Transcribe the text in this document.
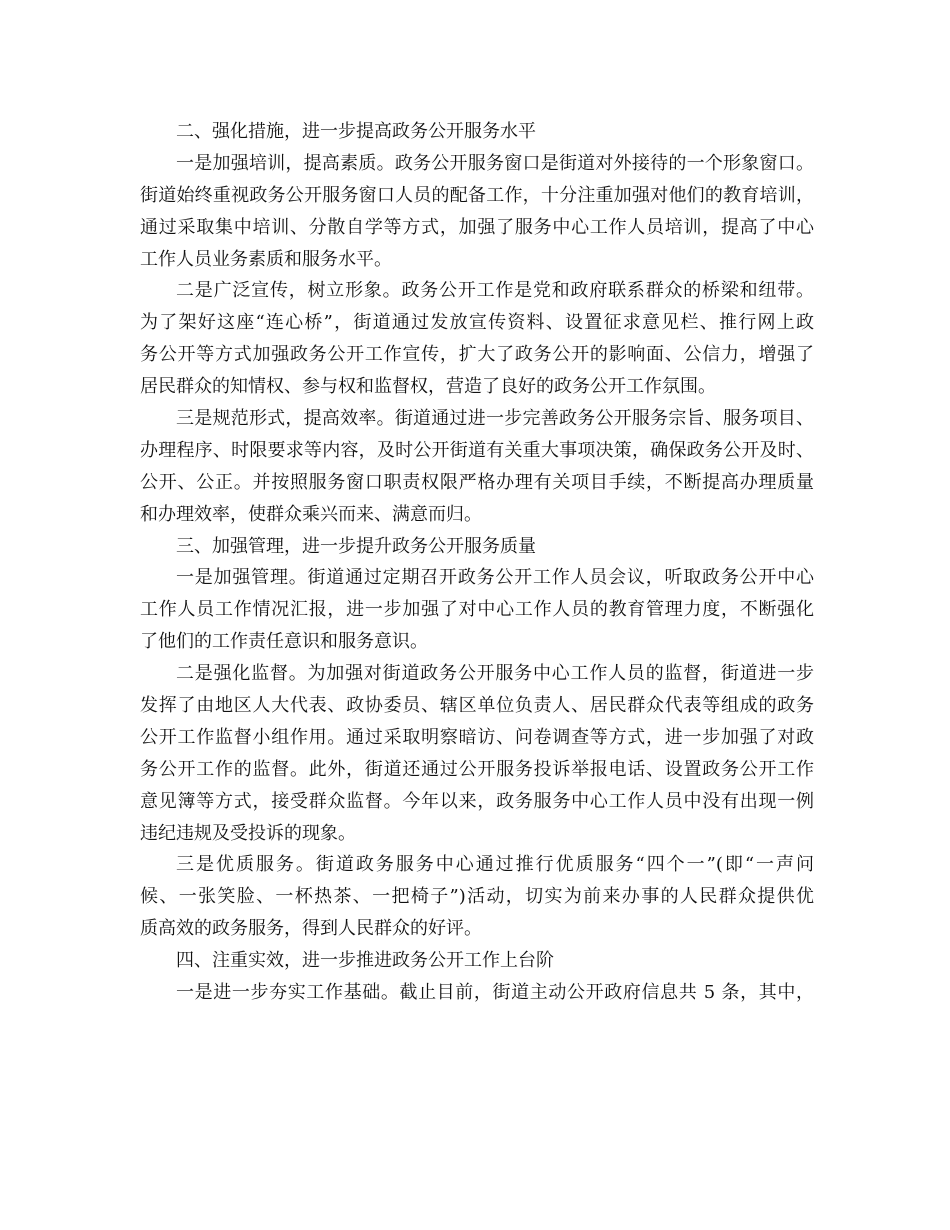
二、强化措施，进一步提高政务公开服务水平
一是加强培训，提高素质。政务公开服务窗口是街道对外接待的一个形象窗口。
街道始终重视政务公开服务窗口人员的配备工作，十分注重加强对他们的教育培训，
通过采取集中培训、分散自学等方式，加强了服务中心工作人员培训，提高了中心
工作人员业务素质和服务水平。
二是广泛宣传，树立形象。政务公开工作是党和政府联系群众的桥梁和纽带。
为了架好这座“连心桥”，街道通过发放宣传资料、设置征求意见栏、推行网上政
务公开等方式加强政务公开工作宣传，扩大了政务公开的影响面、公信力，增强了
居民群众的知情权、参与权和监督权，营造了良好的政务公开工作氛围。
三是规范形式，提高效率。街道通过进一步完善政务公开服务宗旨、服务项目、
办理程序、时限要求等内容，及时公开街道有关重大事项决策，确保政务公开及时、
公开、公正。并按照服务窗口职责权限严格办理有关项目手续，不断提高办理质量
和办理效率，使群众乘兴而来、满意而归。
三、加强管理，进一步提升政务公开服务质量
一是加强管理。街道通过定期召开政务公开工作人员会议，听取政务公开中心
工作人员工作情况汇报，进一步加强了对中心工作人员的教育管理力度，不断强化
了他们的工作责任意识和服务意识。
二是强化监督。为加强对街道政务公开服务中心工作人员的监督，街道进一步
发挥了由地区人大代表、政协委员、辖区单位负责人、居民群众代表等组成的政务
公开工作监督小组作用。通过采取明察暗访、问卷调查等方式，进一步加强了对政
务公开工作的监督。此外，街道还通过公开服务投诉举报电话、设置政务公开工作
意见簿等方式，接受群众监督。今年以来，政务服务中心工作人员中没有出现一例
违纪违规及受投诉的现象。
三是优质服务。街道政务服务中心通过推行优质服务“四个一”(即“一声问
候、一张笑脸、一杯热茶、一把椅子”)活动，切实为前来办事的人民群众提供优
质高效的政务服务，得到人民群众的好评。
四、注重实效，进一步推进政务公开工作上台阶
一是进一步夯实工作基础。截止目前，街道主动公开政府信息共 5 条，其中，
